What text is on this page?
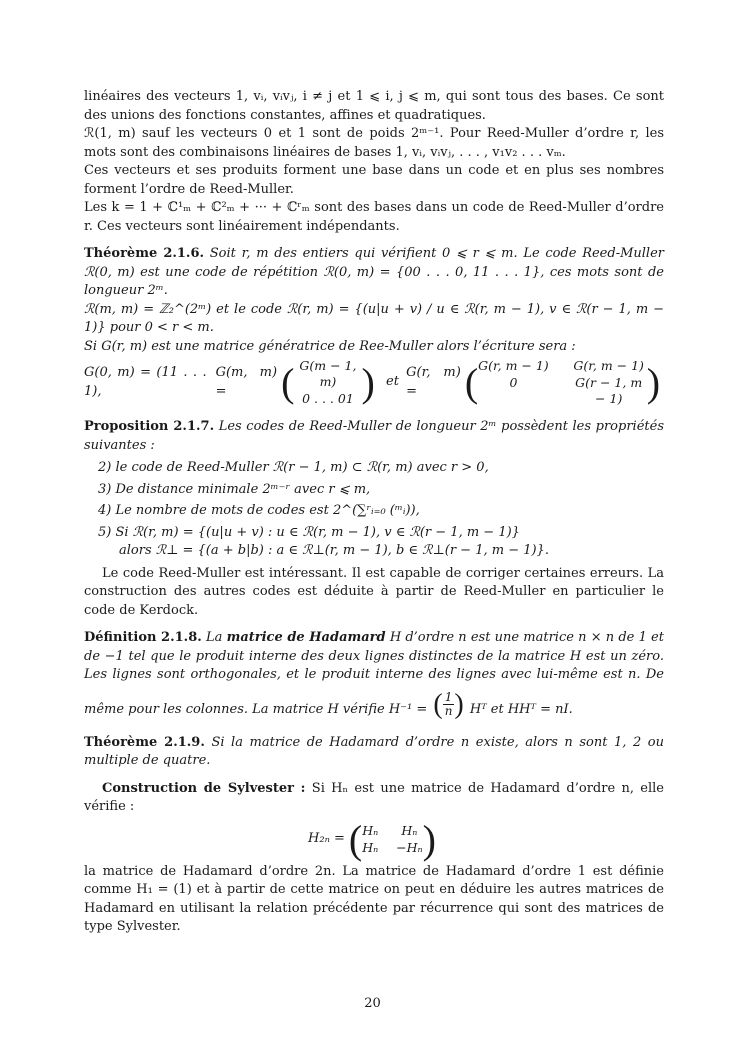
linéaires des vecteurs 1, vᵢ, vᵢvⱼ, i ≠ j et 1 ⩽ i, j ⩽ m, qui sont tous des bases. Ce sont des unions des fonctions constantes, affines et quadratiques.

ℛ(1, m) sauf les vecteurs 0 et 1 sont de poids 2ᵐ⁻¹. Pour Reed-Muller d’ordre r, les mots sont des combinaisons linéaires de bases 1, vᵢ, vᵢvⱼ, . . . , v₁v₂ . . . vₘ.

Ces vecteurs et ses produits forment une base dans un code et en plus ses nombres forment l’ordre de Reed-Muller.

Les k = 1 + ℂ¹ₘ + ℂ²ₘ + ··· + ℂʳₘ sont des bases dans un code de Reed-Muller d’ordre r. Ces vecteurs sont linéairement indépendants.

Théorème 2.1.6. Soit r, m des entiers qui vérifient 0 ⩽ r ⩽ m. Le code Reed-Muller ℛ(0, m) est une code de répétition ℛ(0, m) = {00 . . . 0, 11 . . . 1}, ces mots sont de longueur 2ᵐ.

ℛ(m, m) = ℤ₂^(2ᵐ) et le code ℛ(r, m) = {(u|u + v) / u ∈ ℛ(r, m − 1), v ∈ ℛ(r − 1, m − 1)} pour 0 < r < m.

Si G(r, m) est une matrice génératrice de Ree-Muller alors l’écriture sera :

G(0, m) = (11 . . . 1),
G(m, m) =	( G(m − 1, m)
0 . . . 01 ) et
G(r, m) =	( G(r, m − 1) G(r, m − 1)
0	G(r − 1, m − 1) )

Proposition 2.1.7. Les codes de Reed-Muller de longueur 2ᵐ possèdent les propriétés suivantes :

2) le code de Reed-Muller ℛ(r − 1, m) ⊂ ℛ(r, m) avec r > 0,
3) De distance minimale 2ᵐ⁻ʳ avec r ⩽ m,
4) Le nombre de mots de codes est 2^(∑ʳᵢ₌₀ (ᵐᵢ)),
5) Si ℛ(r, m) = {(u|u + v) : u ∈ ℛ(r, m − 1), v ∈ ℛ(r − 1, m − 1)}
alors ℛ⊥ = {(a + b|b) : a ∈ ℛ⊥(r, m − 1), b ∈ ℛ⊥(r − 1, m − 1)}.

Le code Reed-Muller est intéressant. Il est capable de corriger certaines erreurs. La construction des autres codes est déduite à partir de Reed-Muller en particulier le code de Kerdock.

Définition 2.1.8. La matrice de Hadamard H d’ordre n est une matrice n × n de 1 et de −1 tel que le produit interne des deux lignes distinctes de la matrice H est un zéro. Les lignes sont orthogonales, et le produit interne des lignes avec lui-même est n. De même pour les colonnes. La matrice H vérifie H⁻¹ = ( $\frac{1}{n}$ ) Hᵀ et HHᵀ = nI.

Théorème 2.1.9. Si la matrice de Hadamard d’ordre n existe, alors n sont 1, 2 ou multiple de quatre.

Construction de Sylvester : Si Hₙ est une matrice de Hadamard d’ordre n, elle vérifie :

H₂ₙ = ( Hₙ	Hₙ
Hₙ −Hₙ )

la matrice de Hadamard d’ordre 2n. La matrice de Hadamard d’ordre 1 est définie comme H₁ = (1) et à partir de cette matrice on peut en déduire les autres matrices de Hadamard en utilisant la relation précédente par récurrence qui sont des matrices de type Sylvester.

20
